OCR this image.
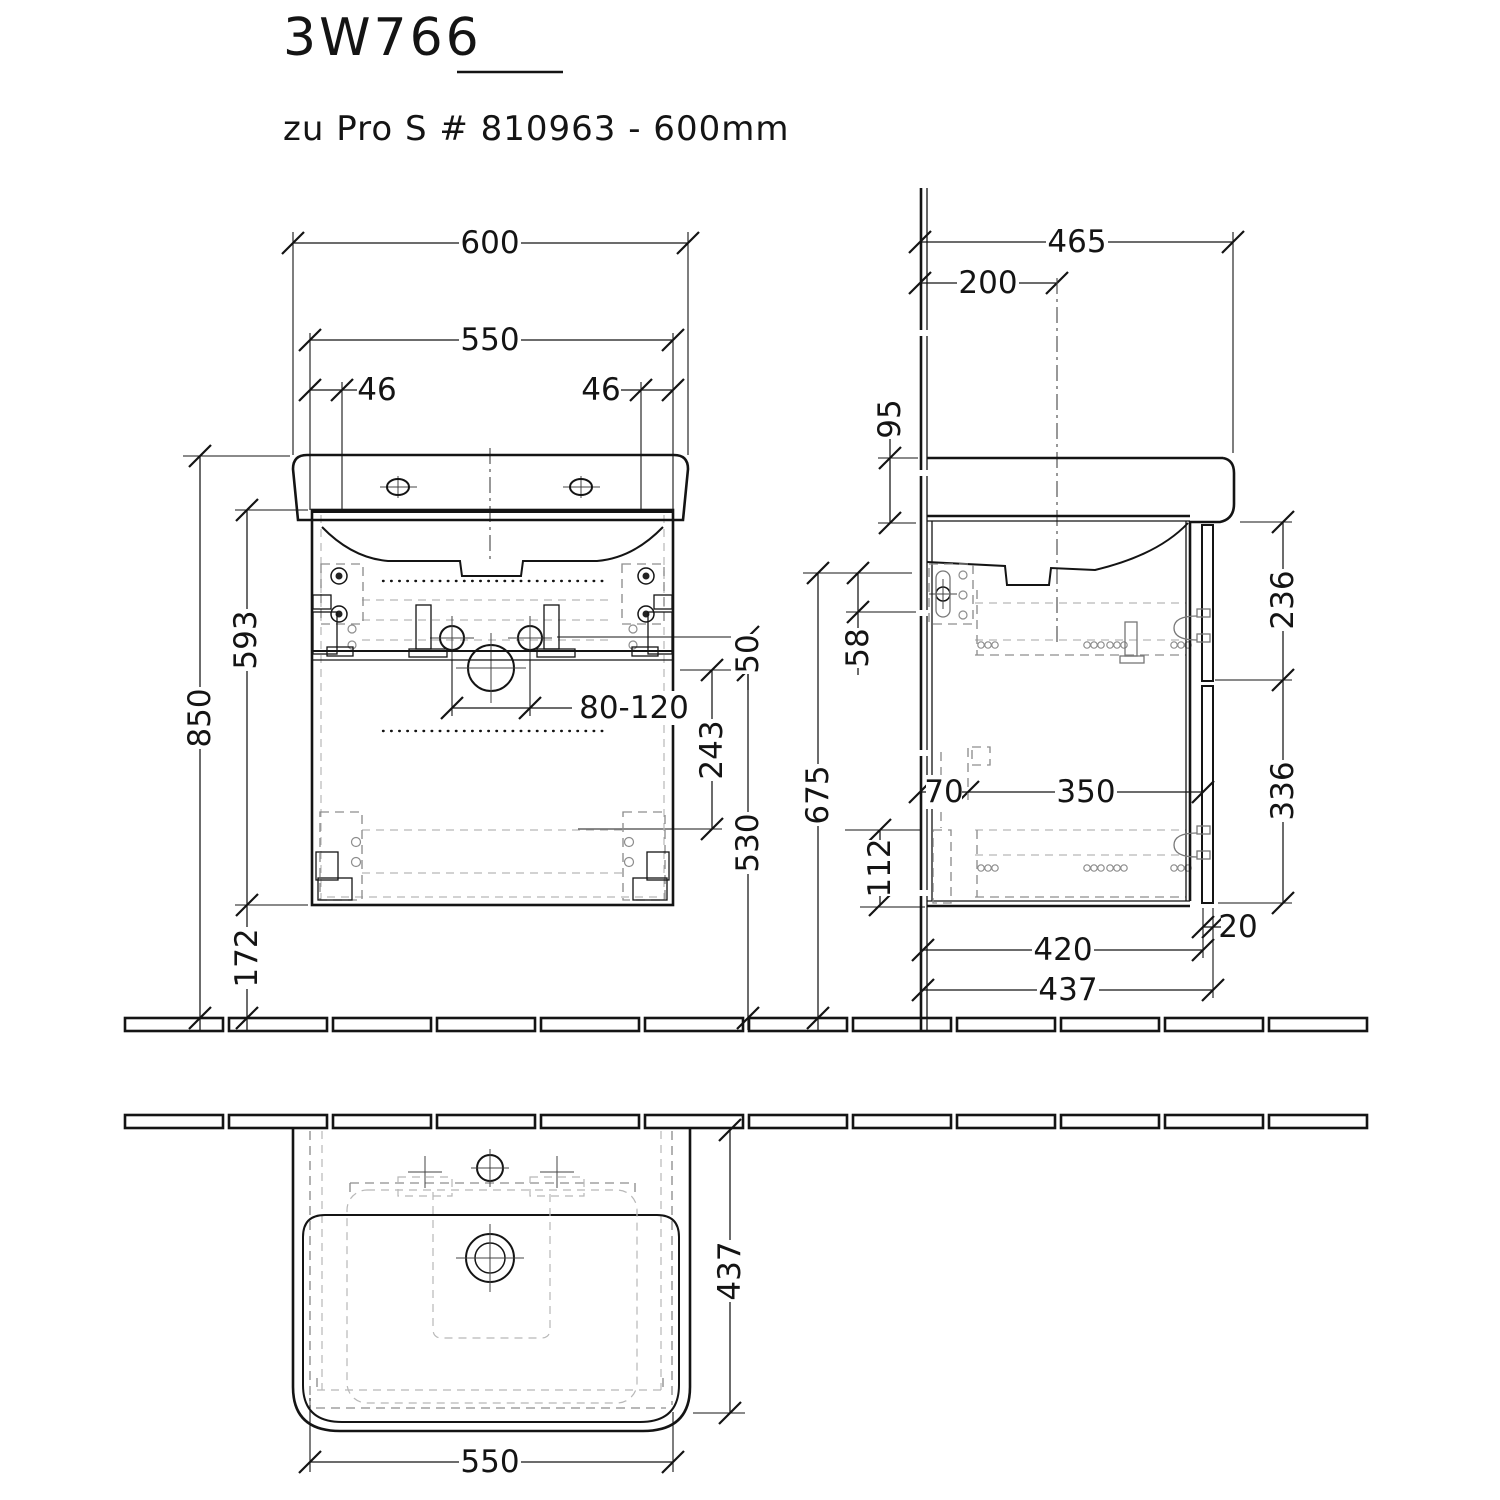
3W766
zu Pro S # 810963 - 600mm
600
550
46	46
850
593
172
50
80-120
243
530
465
200
95
58
675
112
236
336
70	350
420
437
20
437
550
